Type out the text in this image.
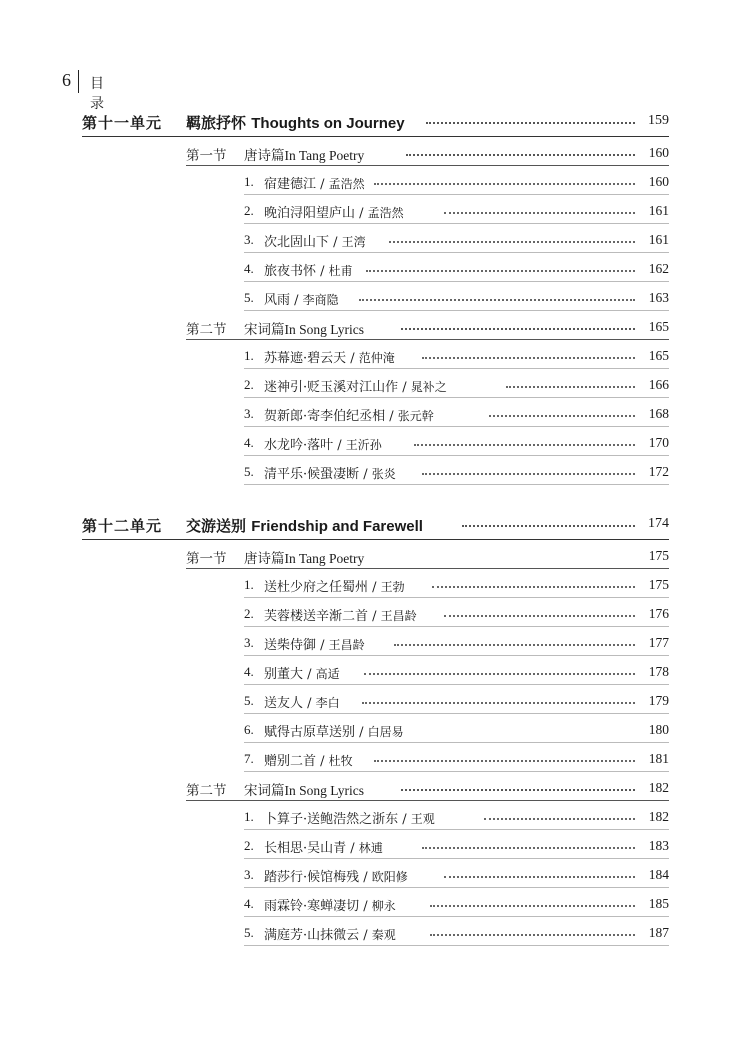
6 目 录
第十一单元 羁旅抒怀 Thoughts on Journey	159
第一节 唐诗篇In Tang Poetry	160
1. 宿建德江 / 孟浩然	160
2. 晚泊浔阳望庐山 / 孟浩然	161
3. 次北固山下 / 王湾	161
4. 旅夜书怀 / 杜甫	162
5. 风雨 / 李商隐	163
第二节 宋词篇In Song Lyrics	165
1. 苏幕遮·碧云天 / 范仲淹	165
2. 迷神引·贬玉溪对江山作 / 晁补之	166
3. 贺新郎·寄李伯纪丞相 / 张元幹	168
4. 水龙吟·落叶 / 王沂孙	170
5. 清平乐·候蛩凄断 / 张炎	172
第十二单元 交游送别 Friendship and Farewell	174
第一节 唐诗篇In Tang Poetry	175
1. 送杜少府之任蜀州 / 王勃	175
2. 芙蓉楼送辛渐二首 / 王昌龄	176
3. 送柴侍御 / 王昌龄	177
4. 别董大 / 高适	178
5. 送友人 / 李白	179
6. 赋得古原草送别 / 白居易	180
7. 赠别二首 / 杜牧	181
第二节 宋词篇In Song Lyrics	182
1. 卜算子·送鲍浩然之浙东 / 王观	182
2. 长相思·吴山青 / 林逋	183
3. 踏莎行·候馆梅残 / 欧阳修	184
4. 雨霖铃·寒蝉凄切 / 柳永	185
5. 满庭芳·山抹微云 / 秦观	187
